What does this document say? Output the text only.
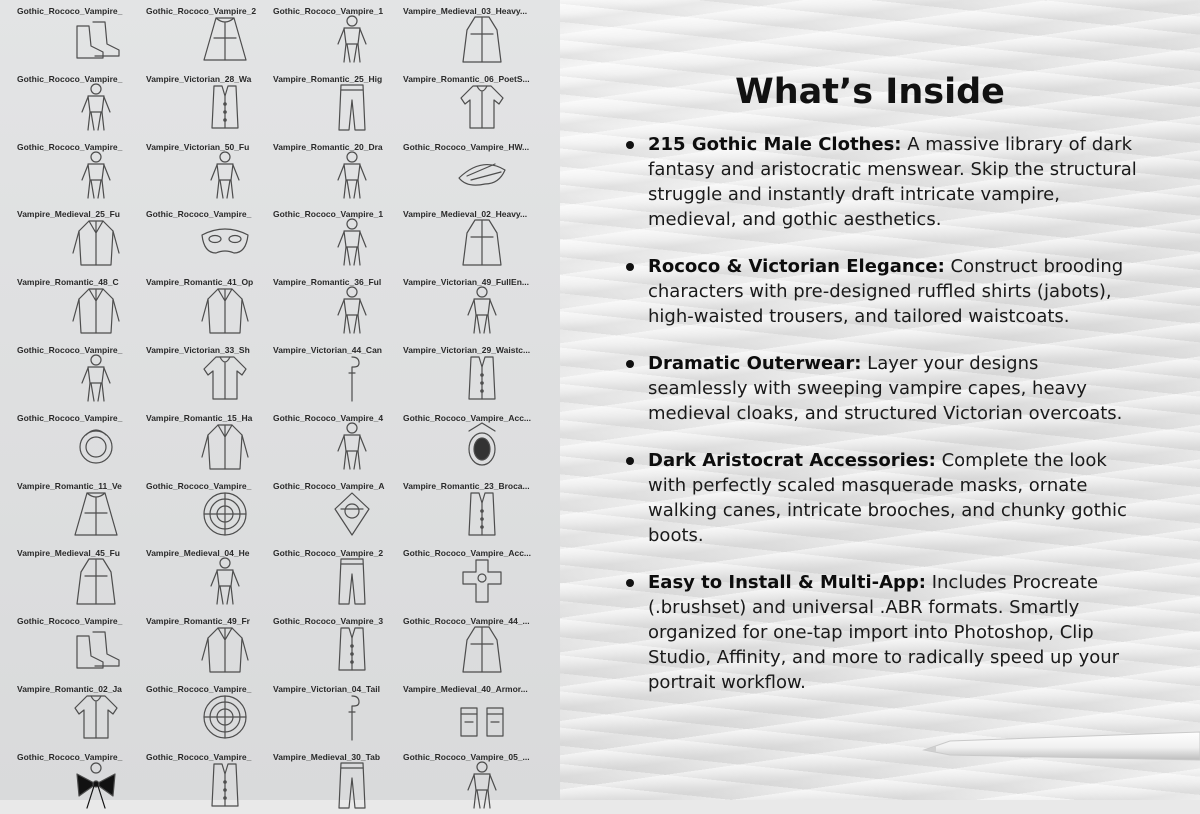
Gothic_Rococo_Vampire_	Gothic_Rococo_Vampire_2	Gothic_Rococo_Vampire_1	Vampire_Medieval_03_Heavy...
Gothic_Rococo_Vampire_	Vampire_Victorian_28_Wa	Vampire_Romantic_25_Hig	Vampire_Romantic_06_PoetS...
Gothic_Rococo_Vampire_	Vampire_Victorian_50_Fu	Vampire_Romantic_20_Dra	Gothic_Rococo_Vampire_HW...
Vampire_Medieval_25_Fu	Gothic_Rococo_Vampire_	Gothic_Rococo_Vampire_1	Vampire_Medieval_02_Heavy...
Vampire_Romantic_48_C	Vampire_Romantic_41_Op	Vampire_Romantic_36_Ful	Vampire_Victorian_49_FullEn...
Gothic_Rococo_Vampire_	Vampire_Victorian_33_Sh	Vampire_Victorian_44_Can	Vampire_Victorian_29_Waistc...
Gothic_Rococo_Vampire_	Vampire_Romantic_15_Ha	Gothic_Rococo_Vampire_4	Gothic_Rococo_Vampire_Acc...
Vampire_Romantic_11_Ve	Gothic_Rococo_Vampire_	Gothic_Rococo_Vampire_A Vampire_Romantic_23_Broca...
Vampire_Medieval_45_Fu	Vampire_Medieval_04_He	Gothic_Rococo_Vampire_2	Gothic_Rococo_Vampire_Acc...
Gothic_Rococo_Vampire_	Vampire_Romantic_49_Fr	Gothic_Rococo_Vampire_3	Gothic_Rococo_Vampire_44_...
Vampire_Romantic_02_Ja	Gothic_Rococo_Vampire_	Vampire_Victorian_04_Tail	Vampire_Medieval_40_Armor...
Gothic_Rococo_Vampire_	Gothic_Rococo_Vampire_	Vampire_Medieval_30_Tab	Gothic_Rococo_Vampire_05_...
What’s Inside
215 Gothic Male Clothes: A massive library of dark fantasy and aristocratic menswear. Skip the structural struggle and instantly draft intricate vampire, medieval, and gothic aesthetics.
Rococo & Victorian Elegance: Construct brooding characters with pre-designed ruffled shirts (jabots), high-waisted trousers, and tailored waistcoats.
Dramatic Outerwear: Layer your designs seamlessly with sweeping vampire capes, heavy medieval cloaks, and structured Victorian overcoats.
Dark Aristocrat Accessories: Complete the look with perfectly scaled masquerade masks, ornate walking canes, intricate brooches, and chunky gothic boots.
Easy to Install & Multi-App: Includes Procreate (.brushset) and universal .ABR formats. Smartly organized for one-tap import into Photoshop, Clip Studio, Affinity, and more to radically speed up your portrait workflow.
